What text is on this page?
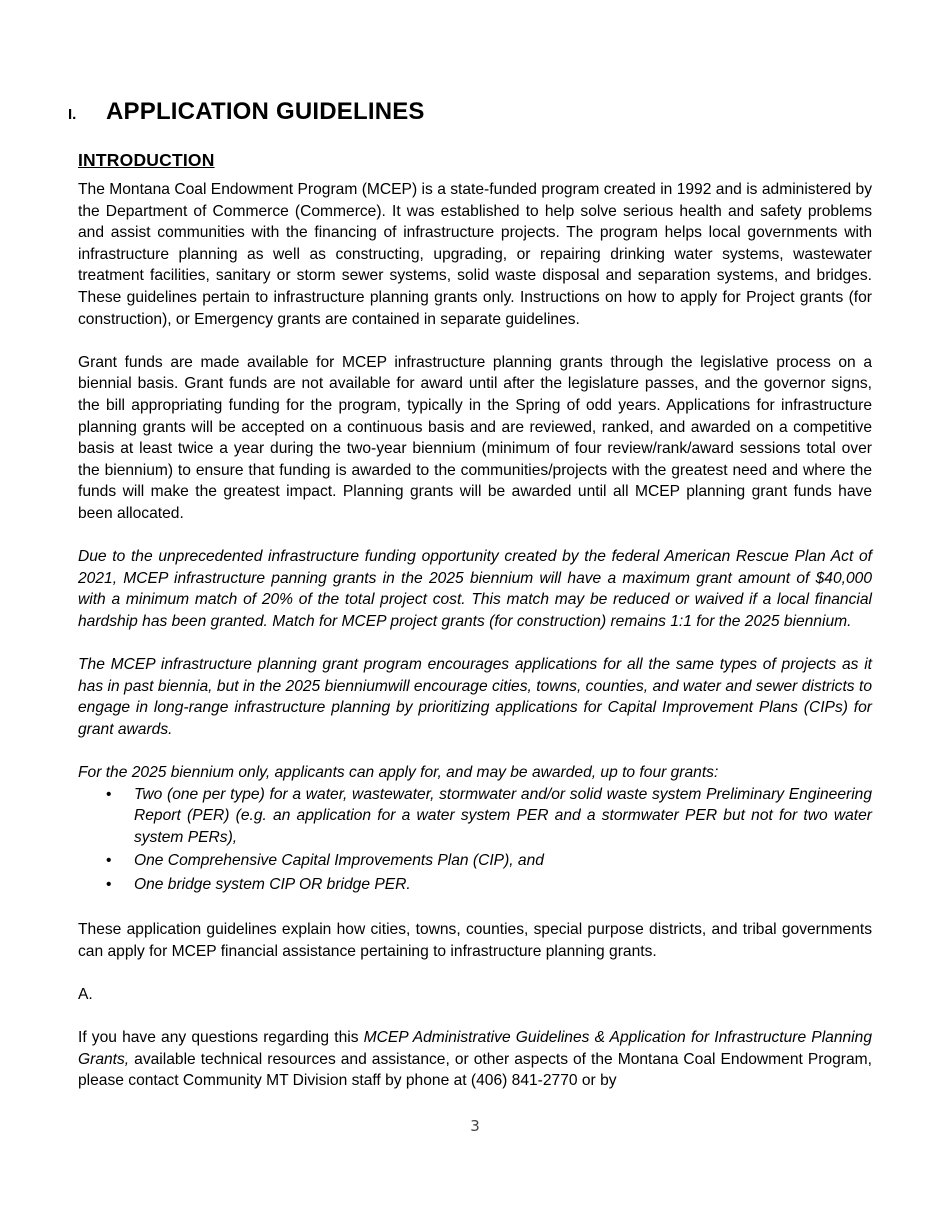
I.	APPLICATION GUIDELINES
INTRODUCTION

The Montana Coal Endowment Program (MCEP) is a state-funded program created in 1992 and is administered by the Department of Commerce (Commerce). It was established to help solve serious health and safety problems and assist communities with the financing of infrastructure projects. The program helps local governments with infrastructure planning as well as constructing, upgrading, or repairing drinking water systems, wastewater treatment facilities, sanitary or storm sewer systems, solid waste disposal and separation systems, and bridges. These guidelines pertain to infrastructure planning grants only. Instructions on how to apply for Project grants (for construction), or Emergency grants are contained in separate guidelines.

Grant funds are made available for MCEP infrastructure planning grants through the legislative process on a biennial basis. Grant funds are not available for award until after the legislature passes, and the governor signs, the bill appropriating funding for the program, typically in the Spring of odd years. Applications for infrastructure planning grants will be accepted on a continuous basis and are reviewed, ranked, and awarded on a competitive basis at least twice a year during the two-year biennium (minimum of four review/rank/award sessions total over the biennium) to ensure that funding is awarded to the communities/projects with the greatest need and where the funds will make the greatest impact. Planning grants will be awarded until all MCEP planning grant funds have been allocated.

Due to the unprecedented infrastructure funding opportunity created by the federal American Rescue Plan Act of 2021, MCEP infrastructure panning grants in the 2025 biennium will have a maximum grant amount of $40,000 with a minimum match of 20% of the total project cost. This match may be reduced or waived if a local financial hardship has been granted. Match for MCEP project grants (for construction) remains 1:1 for the 2025 biennium.

The MCEP infrastructure planning grant program encourages applications for all the same types of projects as it has in past biennia, but in the 2025 bienniumwill encourage cities, towns, counties, and water and sewer districts to engage in long-range infrastructure planning by prioritizing applications for Capital Improvement Plans (CIPs) for grant awards.

For the 2025 biennium only, applicants can apply for, and may be awarded, up to four grants:

• Two (one per type) for a water, wastewater, stormwater and/or solid waste system Preliminary Engineering Report (PER) (e.g. an application for a water system PER and a stormwater PER but not for two water system PERs),
• One Comprehensive Capital Improvements Plan (CIP), and
• One bridge system CIP OR bridge PER.

These application guidelines explain how cities, towns, counties, special purpose districts, and tribal governments can apply for MCEP financial assistance pertaining to infrastructure planning grants.

A.

If you have any questions regarding this MCEP Administrative Guidelines & Application for Infrastructure Planning Grants, available technical resources and assistance, or other aspects of the Montana Coal Endowment Program, please contact Community MT Division staff by phone at (406) 841-2770 or by

3
